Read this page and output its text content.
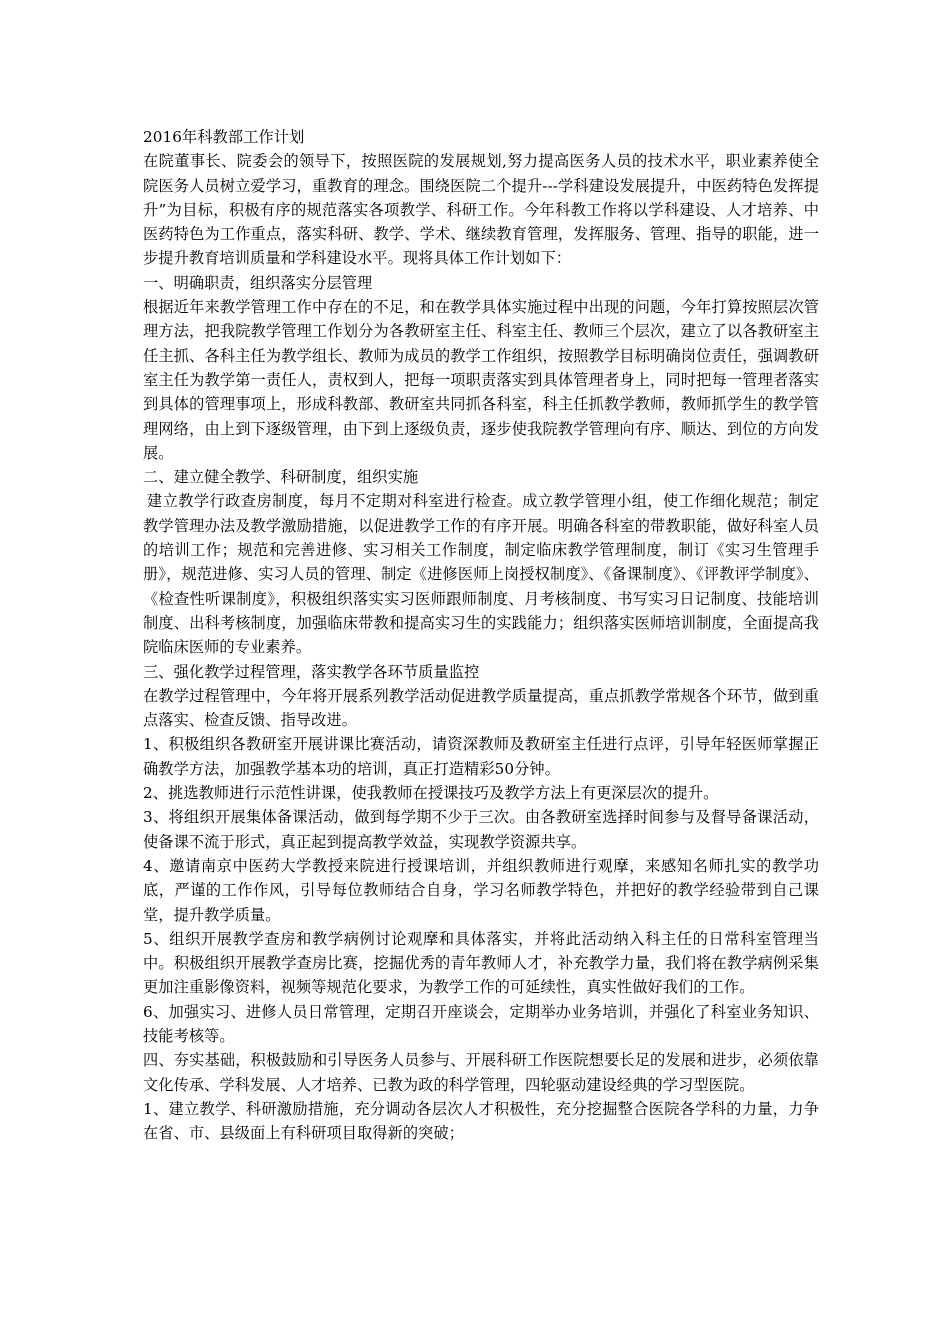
2016年科教部工作计划

在院董事长、院委会的领导下，按照医院的发展规划,努力提高医务人员的技术水平，职业素养使全院医务人员树立爱学习，重教育的理念。围绕医院二个提升---学科建设发展提升，中医药特色发挥提升”为目标，积极有序的规范落实各项教学、科研工作。今年科教工作将以学科建设、人才培养、中医药特色为工作重点，落实科研、教学、学术、继续教育管理，发挥服务、管理、指导的职能，进一步提升教育培训质量和学科建设水平。现将具体工作计划如下：

一、明确职责，组织落实分层管理

根据近年来教学管理工作中存在的不足，和在教学具体实施过程中出现的问题，今年打算按照层次管理方法，把我院教学管理工作划分为各教研室主任、科室主任、教师三个层次，建立了以各教研室主任主抓、各科主任为教学组长、教师为成员的教学工作组织，按照教学目标明确岗位责任，强调教研室主任为教学第一责任人，责权到人，把每一项职责落实到具体管理者身上，同时把每一管理者落实到具体的管理事项上，形成科教部、教研室共同抓各科室，科主任抓教学教师，教师抓学生的教学管理网络，由上到下逐级管理，由下到上逐级负责，逐步使我院教学管理向有序、顺达、到位的方向发展。

二、建立健全教学、科研制度，组织实施

建立教学行政查房制度，每月不定期对科室进行检查。成立教学管理小组，使工作细化规范；制定教学管理办法及教学激励措施，以促进教学工作的有序开展。明确各科室的带教职能，做好科室人员的培训工作；规范和完善进修、实习相关工作制度，制定临床教学管理制度，制订《实习生管理手册》，规范进修、实习人员的管理、制定《进修医师上岗授权制度》、《备课制度》、《评教评学制度》、《检查性听课制度》，积极组织落实实习医师跟师制度、月考核制度、书写实习日记制度、技能培训制度、出科考核制度，加强临床带教和提高实习生的实践能力；组织落实医师培训制度，全面提高我院临床医师的专业素养。

三、强化教学过程管理，落实教学各环节质量监控

在教学过程管理中，今年将开展系列教学活动促进教学质量提高，重点抓教学常规各个环节，做到重点落实、检查反馈、指导改进。

1、积极组织各教研室开展讲课比赛活动，请资深教师及教研室主任进行点评，引导年轻医师掌握正确教学方法，加强教学基本功的培训，真正打造精彩50分钟。

2、挑选教师进行示范性讲课，使我教师在授课技巧及教学方法上有更深层次的提升。

3、将组织开展集体备课活动，做到每学期不少于三次。由各教研室选择时间参与及督导备课活动，使备课不流于形式，真正起到提高教学效益，实现教学资源共享。

4、邀请南京中医药大学教授来院进行授课培训，并组织教师进行观摩，来感知名师扎实的教学功底，严谨的工作作风，引导每位教师结合自身，学习名师教学特色，并把好的教学经验带到自己课堂，提升教学质量。

5、组织开展教学查房和教学病例讨论观摩和具体落实，并将此活动纳入科主任的日常科室管理当中。积极组织开展教学查房比赛，挖掘优秀的青年教师人才，补充教学力量，我们将在教学病例采集更加注重影像资料，视频等规范化要求，为教学工作的可延续性，真实性做好我们的工作。

6、加强实习、进修人员日常管理，定期召开座谈会，定期举办业务培训，并强化了科室业务知识、技能考核等。

四、夯实基础，积极鼓励和引导医务人员参与、开展科研工作医院想要长足的发展和进步，必须依靠文化传承、学科发展、人才培养、已教为政的科学管理，四轮驱动建设经典的学习型医院。

1、建立教学、科研激励措施，充分调动各层次人才积极性，充分挖掘整合医院各学科的力量，力争在省、市、县级面上有科研项目取得新的突破；
